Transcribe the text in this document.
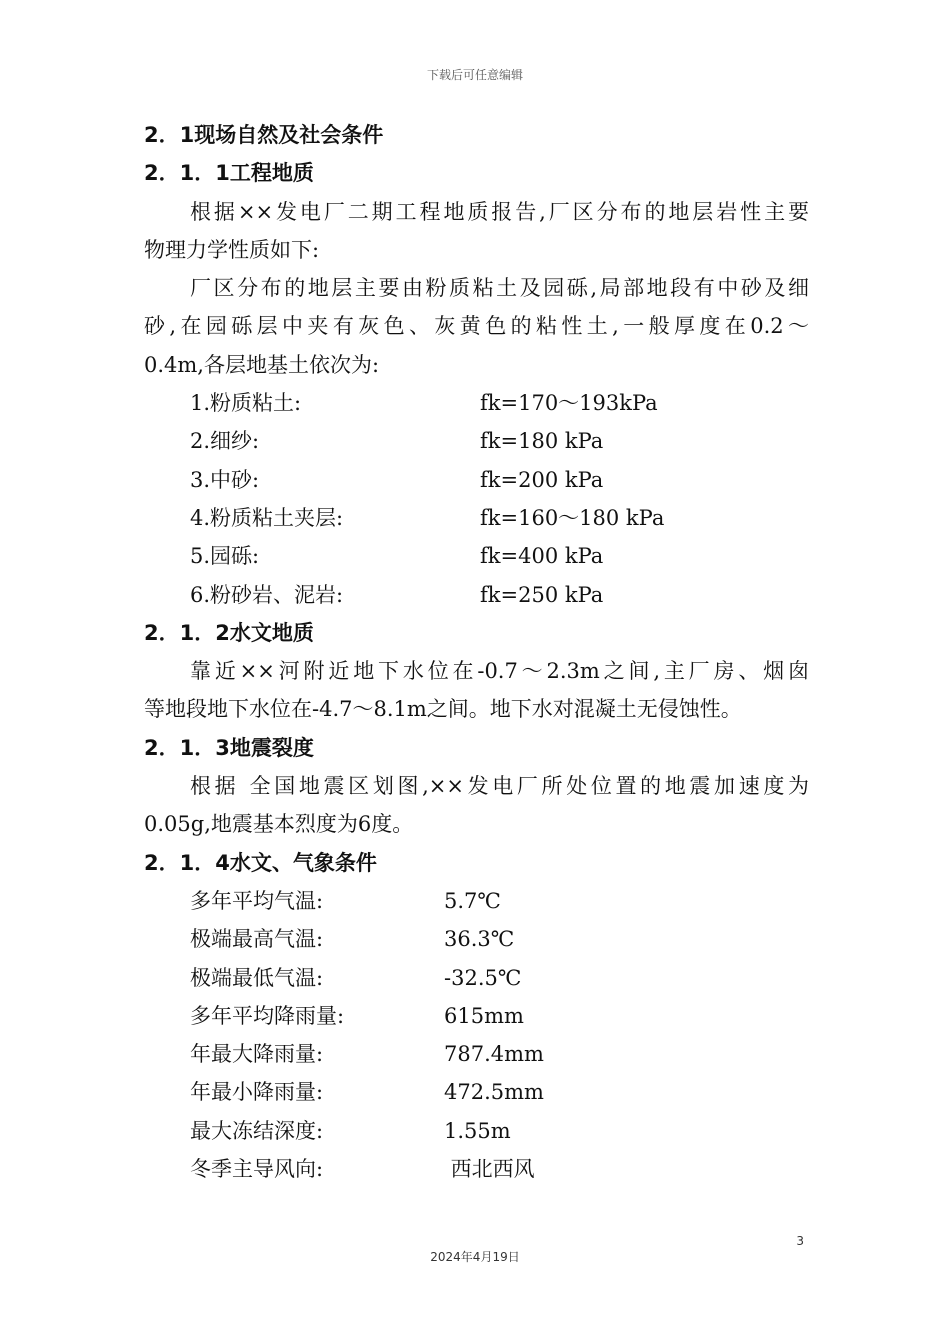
下载后可任意编辑
2．1现场自然及社会条件
2．1．1工程地质
根据××发电厂二期工程地质报告,厂区分布的地层岩性主要
物理力学性质如下:
厂区分布的地层主要由粉质粘土及园砾,局部地段有中砂及细
砂,在园砾层中夹有灰色、灰黄色的粘性土,一般厚度在0.2～
0.4m,各层地基土依次为:
1.粉质粘土:	fk=170～193kPa
2.细纱:	fk=180 kPa
3.中砂:	fk=200 kPa
4.粉质粘土夹层:	fk=160～180 kPa
5.园砾:	fk=400 kPa
6.粉砂岩、泥岩:	fk=250 kPa
2．1．2水文地质
靠近××河附近地下水位在-0.7～2.3m之间,主厂房、烟囱
等地段地下水位在-4.7～8.1m之间。地下水对混凝土无侵蚀性。
2．1．3地震裂度
根据 全国地震区划图,××发电厂所处位置的地震加速度为
0.05g,地震基本烈度为6度。
2．1．4水文、气象条件
多年平均气温:	5.7℃
极端最高气温:	36.3℃
极端最低气温:	-32.5℃
多年平均降雨量:	615mm
年最大降雨量:	787.4mm
年最小降雨量:	472.5mm
最大冻结深度:	1.55m
冬季主导风向:	西北西风
3
2024年4月19日
